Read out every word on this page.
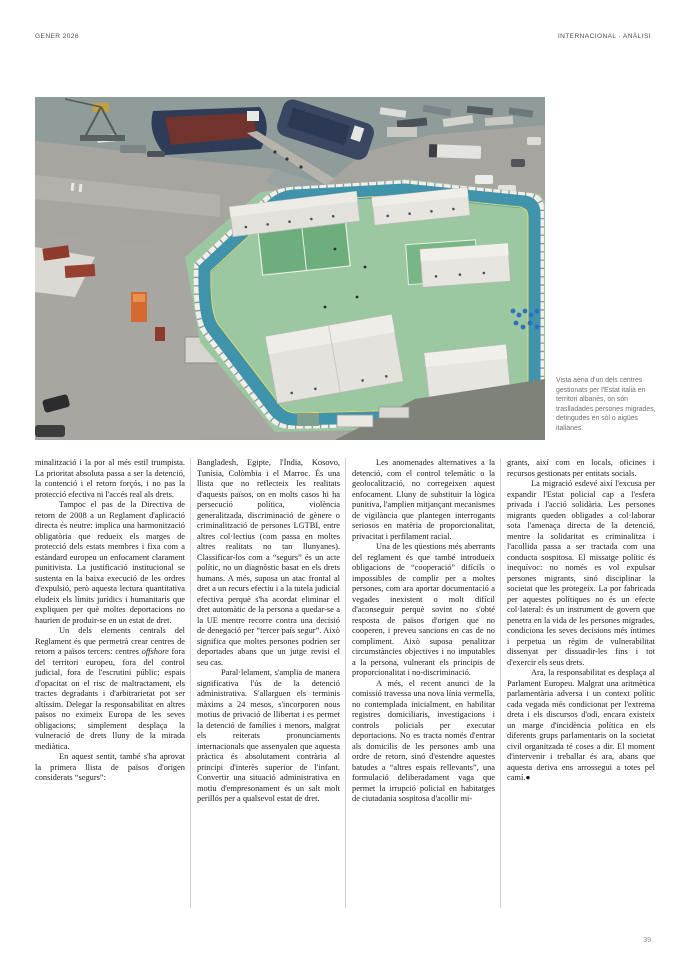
GENER 2026	INTERNACIONAL · ANÀLISI
Vista aèria d'un dels centres gestionats per l'Estat italià en territori albanès, on són traslladades persones migrades, detingudes en sòl o aigües italianes.

minalització i la por al més estil trumpista. La prioritat absoluta passa a ser la detenció, la contenció i el retorn forçós, i no pas la protecció efectiva ni l'accés real als drets.

Tampoc el pas de la Directiva de retorn de 2008 a un Reglament d'aplicació directa és neutre: implica una harmonització obligatòria que redueix els marges de protecció dels estats membres i fixa com a estàndard europeu un enfocament clarament punitivista. La justificació institucional se sustenta en la baixa execució de les ordres d'expulsió, però aquesta lectura quantitativa eludeix els límits jurídics i humanitaris que expliquen per què moltes deportacions no haurien de produir-se en un estat de dret.

Un dels elements centrals del Reglament és que permetrà crear centres de retorn a països tercers: centres offshore fora del territori europeu, fora del control judicial, fora de l'escrutini públic; espais d'opacitat on el risc de maltractament, els tractes degradants i d'arbitrarietat pot ser altíssim. Delegar la responsabilitat en altres països no eximeix Europa de les seves obligacions; simplement desplaça la vulneració de drets lluny de la mirada mediàtica.

En aquest sentit, també s'ha aprovat la primera llista de països d'origen considerats “segurs”:

Bangladesh, Egipte, l'Índia, Kosovo, Tunísia, Colòmbia i el Marroc. És una llista que no reflecteix les realitats d'aquests països, on en molts casos hi ha persecució política, violència generalitzada, discriminació de gènere o criminalització de persones LGTBI, entre altres col·lectius (com passa en moltes altres realitats no tan llunyanes). Classificar-los com a “segurs” és un acte polític, no un diagnòstic basat en els drets humans. A més, suposa un atac frontal al dret a un recurs efectiu i a la tutela judicial efectiva perquè s'ha acordat eliminar el dret automàtic de la persona a quedar-se a la UE mentre recorre contra una decisió de denegació per “tercer país segur”. Això significa que moltes persones podrien ser deportades abans que un jutge revisi el seu cas.

Paral·lelament, s'amplia de manera significativa l'ús de la detenció administrativa. S'allarguen els terminis màxims a 24 mesos, s'incorporen nous motius de privació de llibertat i es permet la detenció de famílies i menors, malgrat els reiterats pronunciaments internacionals que assenyalen que aquesta pràctica és absolutament contrària al principi d'interès superior de l'infant. Convertir una situació administrativa en motiu d'empresonament és un salt molt perillós per a qualsevol estat de dret.

Les anomenades alternatives a la detenció, com el control telemàtic o la geolocalització, no corregeixen aquest enfocament. Lluny de substituir la lògica punitiva, l'amplien mitjançant mecanismes de vigilància que plantegen interrogants seriosos en matèria de proporcionalitat, privacitat i perfilament racial.

Una de les qüestions més aberrants del reglament és que també introdueix obligacions de “cooperació” difícils o impossibles de complir per a moltes persones, com ara aportar documentació a vegades inexistent o molt difícil d'aconseguir perquè sovint no s'obté resposta de països d'origen que no cooperen, i preveu sancions en cas de no compliment. Això suposa penalitzar circumstàncies objectives i no imputables a la persona, vulnerant els principis de proporcionalitat i no-discriminació.

A més, el recent anunci de la comissió travessa una nova línia vermella, no contemplada inicialment, en habilitar registres domiciliaris, investigacions i controls policials per executar deportacions. No es tracta només d'entrar als domicilis de les persones amb una ordre de retorn, sinó d'estendre aquestes batudes a “altres espais rellevants”, una formulació deliberadament vaga que permet la irrupció policial en habitatges de ciutadania sospitosa d'acollir mi-

grants, així com en locals, oficines i recursos gestionats per entitats socials.

La migració esdevé així l'excusa per expandir l'Estat policial cap a l'esfera privada i l'acció solidària. Les persones migrants queden obligades a col·laborar sota l'amenaça directa de la detenció, mentre la solidaritat es criminalitza i l'acollida passa a ser tractada com una conducta sospitosa. El missatge polític és inequívoc: no només es vol expulsar persones migrants, sinó disciplinar la societat que les protegeix. La por fabricada per aquestes polítiques no és un efecte col·lateral: és un instrument de govern que penetra en la vida de les persones migrades, condiciona les seves decisions més íntimes i perpetua un règim de vulnerabilitat dissenyat per dissuadir-les fins i tot d'exercir els seus drets.

Ara, la responsabilitat es desplaça al Parlament Europeu. Malgrat una aritmètica parlamentària adversa i un context polític cada vegada més condicionat per l'extrema dreta i els discursos d'odi, encara existeix un marge d'incidència política en els diferents grups parlamentaris on la societat civil organitzada té coses a dir. El moment d'intervenir i treballar és ara, abans que aquesta deriva ens arrossegui a totes pel camí.●

39
